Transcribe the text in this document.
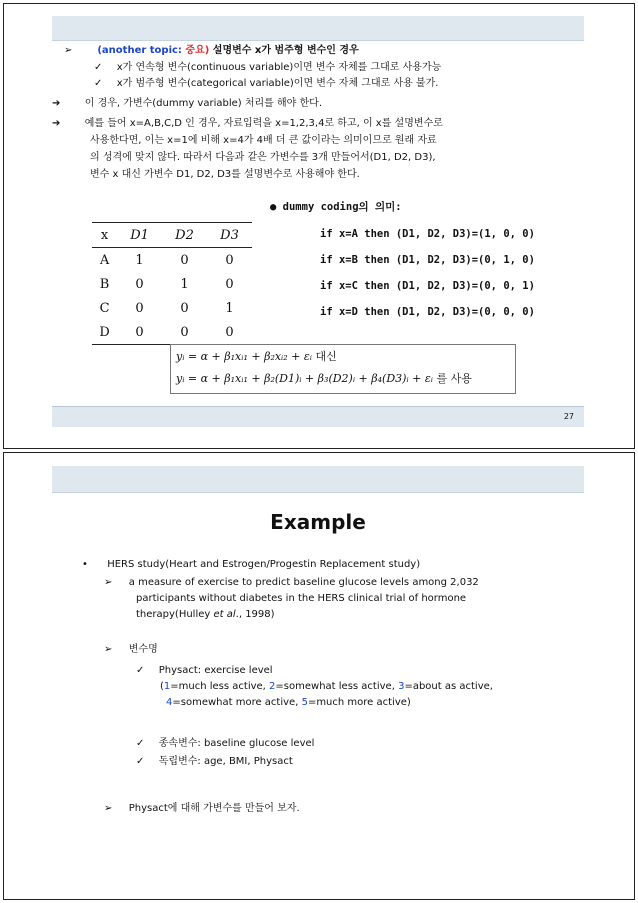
➢ (another topic: 중요) 설명변수 x가 범주형 변수인 경우
✓ x가 연속형 변수(continuous variable)이면 변수 자체를 그대로 사용가능
✓ x가 범주형 변수(categorical variable)이면 변수 자체 그대로 사용 불가.
➔ 이 경우, 가변수(dummy variable) 처리를 해야 한다.
➔ 예를 들어 x=A,B,C,D 인 경우, 자료입력을 x=1,2,3,4로 하고, 이 x를 설명변수로
사용한다면, 이는 x=1에 비해 x=4가 4배 더 큰 값이라는 의미이므로 원래 자료
의 성격에 맞지 않다. 따라서 다음과 같은 가변수를 3개 만들어서(D1, D2, D3),
변수 x 대신 가변수 D1, D2, D3를 설명변수로 사용해야 한다.
x	D1	D2	D3
A	1	0	0
B	0	1	0
C	0	0	1
D	0	0	0
● dummy coding의 의미:
if x=A then (D1, D2, D3)=(1, 0, 0)
if x=B then (D1, D2, D3)=(0, 1, 0)
if x=C then (D1, D2, D3)=(0, 0, 1)
if x=D then (D1, D2, D3)=(0, 0, 0)
yᵢ = α + β₁xᵢ₁ + β₂xᵢ₂ + εᵢ 대신
yᵢ = α + β₁xᵢ₁ + β₂(D1)ᵢ + β₃(D2)ᵢ + β₄(D3)ᵢ + εᵢ 를 사용
27
Example
• HERS study(Heart and Estrogen/Progestin Replacement study)
➢ a measure of exercise to predict baseline glucose levels among 2,032
participants without diabetes in the HERS clinical trial of hormone
therapy(Hulley et al., 1998)
➢ 변수명
✓ Physact: exercise level
(1=much less active, 2=somewhat less active, 3=about as active,
4=somewhat more active, 5=much more active)
✓ 종속변수: baseline glucose level
✓ 독립변수: age, BMI, Physact
➢ Physact에 대해 가변수를 만들어 보자.
